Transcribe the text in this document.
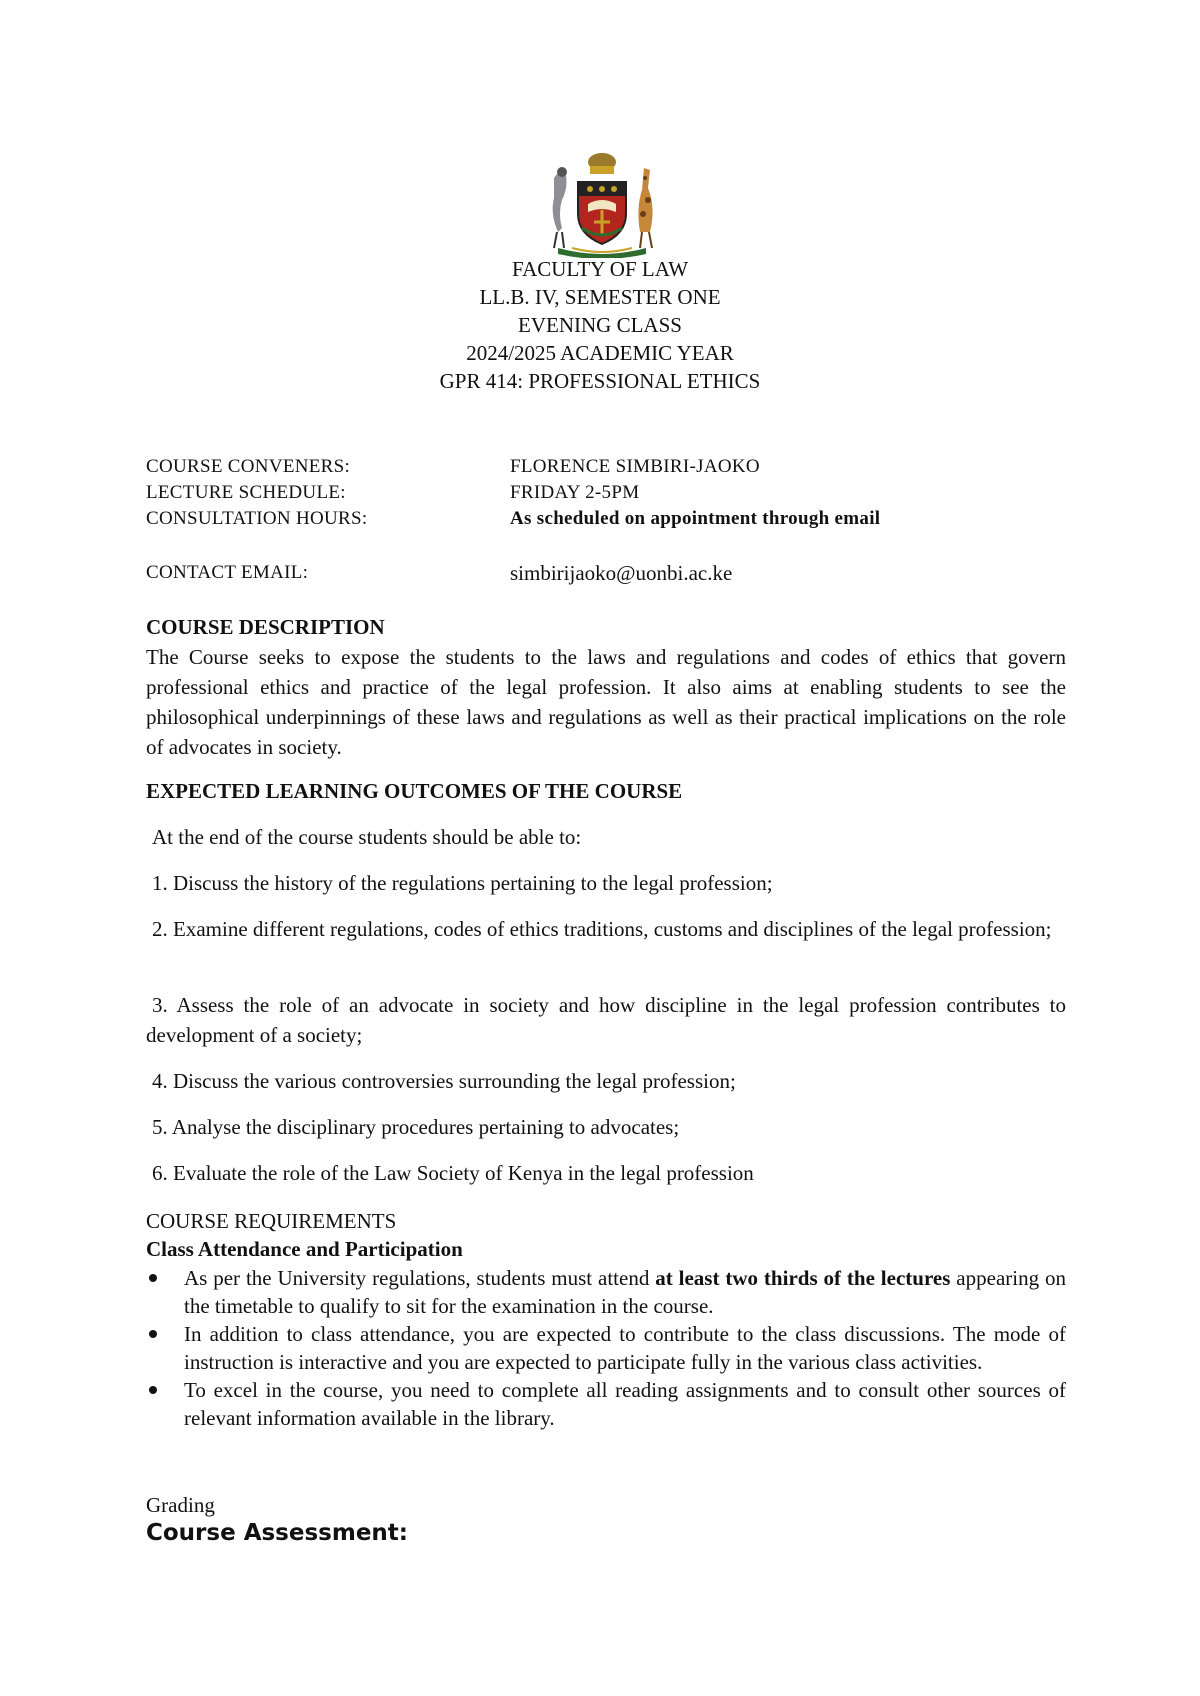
FACULTY OF LAW
LL.B. IV, SEMESTER ONE
EVENING CLASS
2024/2025 ACADEMIC YEAR
GPR 414: PROFESSIONAL ETHICS
COURSE CONVENERS:	FLORENCE SIMBIRI-JAOKO
LECTURE SCHEDULE:	FRIDAY 2-5PM
CONSULTATION HOURS:	As scheduled on appointment through email
CONTACT EMAIL:	simbirijaoko@uonbi.ac.ke
COURSE DESCRIPTION
The Course seeks to expose the students to the laws and regulations and codes of ethics that govern professional ethics and practice of the legal profession. It also aims at enabling students to see the philosophical underpinnings of these laws and regulations as well as their practical implications on the role of advocates in society.
EXPECTED LEARNING OUTCOMES OF THE COURSE
At the end of the course students should be able to:
1. Discuss the history of the regulations pertaining to the legal profession;
2. Examine different regulations, codes of ethics traditions, customs and disciplines of the legal profession;
3. Assess the role of an advocate in society and how discipline in the legal profession contributes to development of a society;
4. Discuss the various controversies surrounding the legal profession;
5. Analyse the disciplinary procedures pertaining to advocates;
6. Evaluate the role of the Law Society of Kenya in the legal profession
COURSE REQUIREMENTS
Class Attendance and Participation
As per the University regulations, students must attend at least two thirds of the lectures appearing on the timetable to qualify to sit for the examination in the course.
In addition to class attendance, you are expected to contribute to the class discussions. The mode of instruction is interactive and you are expected to participate fully in the various class activities.
To excel in the course, you need to complete all reading assignments and to consult other sources of relevant information available in the library.
Grading
Course Assessment:
